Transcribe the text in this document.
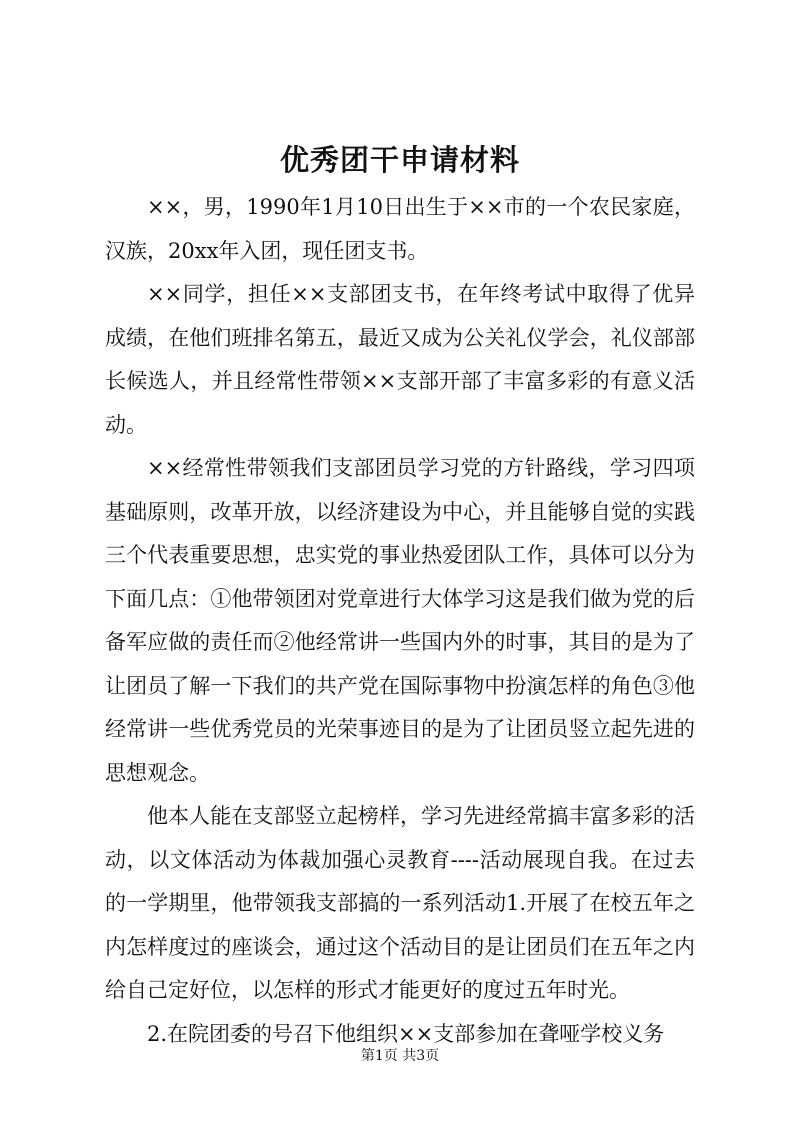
优秀团干申请材料

××，男，1990年1月10日出生于××市的一个农民家庭，汉族，20xx年入团，现任团支书。

××同学，担任××支部团支书，在年终考试中取得了优异成绩，在他们班排名第五，最近又成为公关礼仪学会，礼仪部部长候选人，并且经常性带领××支部开部了丰富多彩的有意义活动。

××经常性带领我们支部团员学习党的方针路线，学习四项基础原则，改革开放，以经济建设为中心，并且能够自觉的实践三个代表重要思想，忠实党的事业热爱团队工作，具体可以分为下面几点：①他带领团对党章进行大体学习这是我们做为党的后备军应做的责任而②他经常讲一些国内外的时事，其目的是为了让团员了解一下我们的共产党在国际事物中扮演怎样的角色③他经常讲一些优秀党员的光荣事迹目的是为了让团员竖立起先进的思想观念。

他本人能在支部竖立起榜样，学习先进经常搞丰富多彩的活动，以文体活动为体裁加强心灵教育----活动展现自我。在过去的一学期里，他带领我支部搞的一系列活动1.开展了在校五年之内怎样度过的座谈会，通过这个活动目的是让团员们在五年之内给自己定好位，以怎样的形式才能更好的度过五年时光。

2.在院团委的号召下他组织××支部参加在聋哑学校义务

第1页 共3页
